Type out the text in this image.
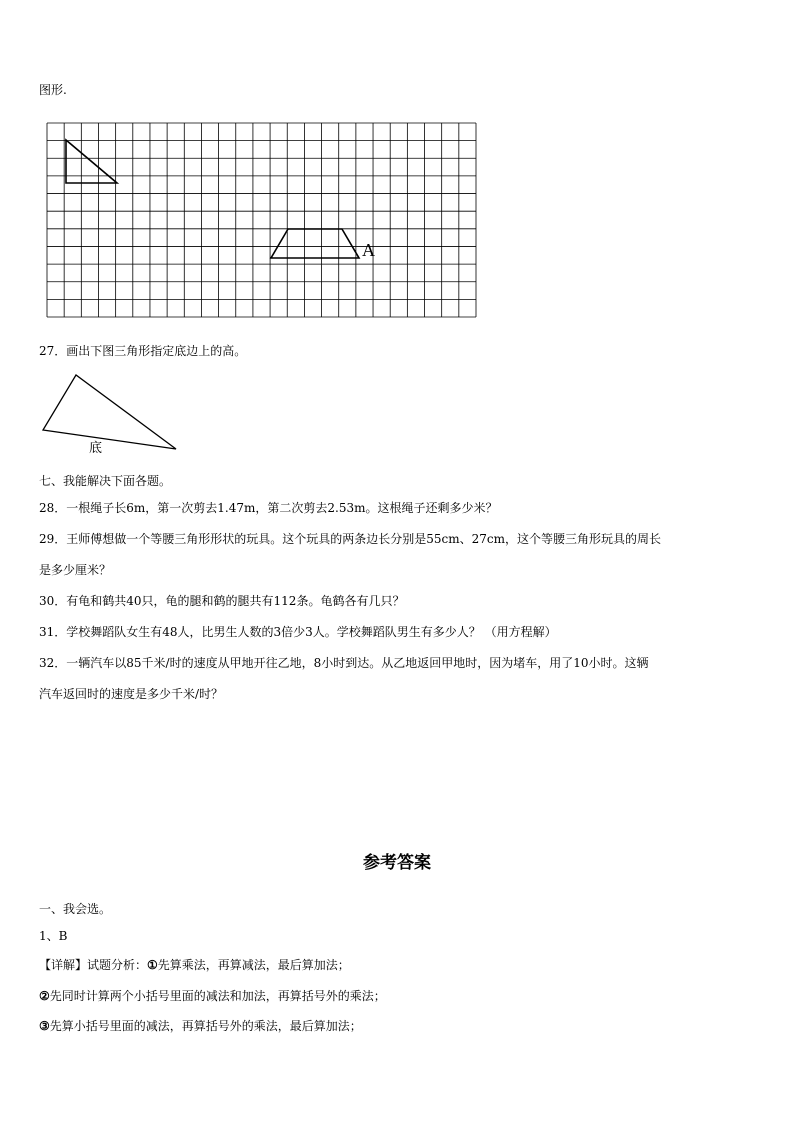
图形.
A
27．画出下图三角形指定底边上的高。
底
七、我能解决下面各题。
28．一根绳子长6m，第一次剪去1.47m，第二次剪去2.53m。这根绳子还剩多少米？
29．王师傅想做一个等腰三角形形状的玩具。这个玩具的两条边长分别是55cm、27cm，这个等腰三角形玩具的周长
是多少厘米？
30．有龟和鹤共40只，龟的腿和鹤的腿共有112条。龟鹤各有几只？
31．学校舞蹈队女生有48人，比男生人数的3倍少3人。学校舞蹈队男生有多少人？ （用方程解）
32．一辆汽车以85千米/时的速度从甲地开往乙地，8小时到达。从乙地返回甲地时，因为堵车，用了10小时。这辆
汽车返回时的速度是多少千米/时？
参考答案
一、我会选。
1、B
【详解】试题分析：①先算乘法，再算减法，最后算加法；
②先同时计算两个小括号里面的减法和加法，再算括号外的乘法；
③先算小括号里面的减法，再算括号外的乘法，最后算加法；
